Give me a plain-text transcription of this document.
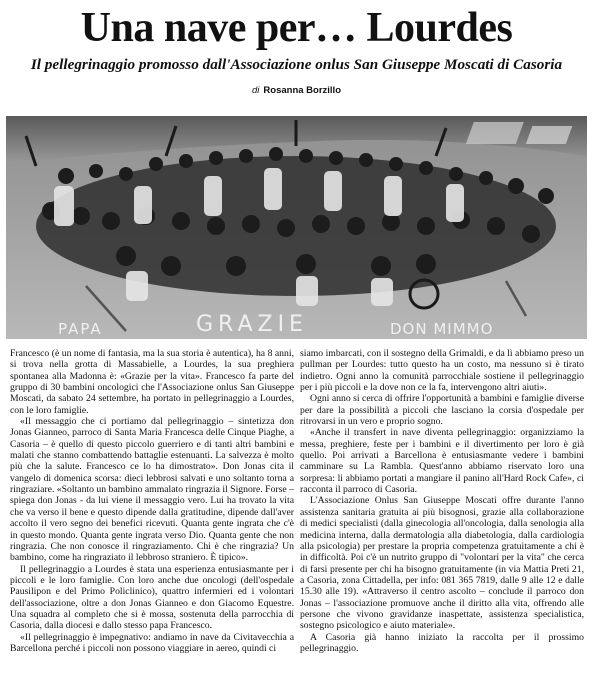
Una nave per… Lourdes
Il pellegrinaggio promosso dall'Associazione onlus San Giuseppe Moscati di Casoria
di Rosanna Borzillo
PAPA	GRAZIE	DON MIMMO

Francesco (è un nome di fantasia, ma la sua storia è autentica), ha 8 anni, si trova nella grotta di Massabielle, a Lourdes, la sua preghiera spontanea alla Madonna è: «Grazie per la vita». Francesco fa parte del gruppo di 30 bambini oncologici che l'Associazione onlus San Giuseppe Moscati, da sabato 24 settembre, ha portato in pellegrinaggio a Lourdes, con le loro famiglie.

«Il messaggio che ci portiamo dal pellegrinaggio – sintetizza don Jonas Gianneo, parroco di Santa Maria Francesca delle Cinque Piaghe, a Casoria – è quello di questo piccolo guerriero e di tanti altri bambini e malati che stanno combattendo battaglie estenuanti. La salvezza è molto più che la salute. Francesco ce lo ha dimostrato». Don Jonas cita il vangelo di domenica scorsa: dieci lebbrosi salvati e uno soltanto torna a ringraziare. «Soltanto un bambino ammalato ringrazia il Signore. Forse – spiega don Jonas - da lui viene il messaggio vero. Lui ha trovato la vita che va verso il bene e questo dipende dalla gratitudine, dipende dall'aver accolto il vero segno dei benefici ricevuti. Quanta gente ingrata che c'è in questo mondo. Quanta gente ingrata verso Dio. Quanta gente che non ringrazia. Che non conosce il ringraziamento. Chi è che ringrazia? Un bambino, come ha ringraziato il lebbroso straniero. È tipico».

Il pellegrinaggio a Lourdes è stata una esperienza entusiasmante per i piccoli e le loro famiglie. Con loro anche due oncologi (dell'ospedale Pausilipon e del Primo Policlinico), quattro infermieri ed i volontari dell'associazione, oltre a don Jonas Gianneo e don Giacomo Equestre. Una squadra al completo che si è mossa, sostenuta della parrocchia di Casoria, dalla diocesi e dallo stesso papa Francesco.

«Il pellegrinaggio è impegnativo: andiamo in nave da Civitavecchia a Barcellona perché i piccoli non possono viaggiare in aereo, quindi ci

siamo imbarcati, con il sostegno della Grimaldi, e da lì abbiamo preso un pullman per Lourdes: tutto questo ha un costo, ma nessuno si è tirato indietro. Ogni anno la comunità parrocchiale sostiene il pellegrinaggio per i più piccoli e la dove non ce la fa, intervengono altri aiuti».

Ogni anno si cerca di offrire l'opportunità a bambini e famiglie diverse per dare la possibilità a piccoli che lasciano la corsia d'ospedale per ritrovarsi in un vero e proprio sogno.

«Anche il transfert in nave diventa pellegrinaggio: organizziamo la messa, preghiere, feste per i bambini e il divertimento per loro è già quello. Poi arrivati a Barcellona è entusiasmante vedere i bambini camminare su La Rambla. Quest'anno abbiamo riservato loro una sorpresa: li abbiamo portati a mangiare il panino all'Hard Rock Cafe», ci racconta il parroco di Casoria.

L'Associazione Onlus San Giuseppe Moscati offre durante l'anno assistenza sanitaria gratuita ai più bisognosi, grazie alla collaborazione di medici specialisti (dalla ginecologia all'oncologia, dalla senologia alla medicina interna, dalla dermatologia alla diabetologia, dalla cardiologia alla psicologia) per prestare la propria competenza gratuitamente a chi è in difficoltà. Poi c'è un nutrito gruppo di "volontari per la vita" che cerca di farsi presente per chi ha bisogno gratuitamente (in via Mattia Preti 21, a Casoria, zona Cittadella, per info: 081 365 7819, dalle 9 alle 12 e dalle 15.30 alle 19). «Attraverso il centro ascolto – conclude il parroco don Jonas – l'associazione promuove anche il diritto alla vita, offrendo alle persone che vivono gravidanze inaspettate, assistenza specialistica, sostegno psicologico e aiuto materiale».

A Casoria già hanno iniziato la raccolta per il prossimo pellegrinaggio.
